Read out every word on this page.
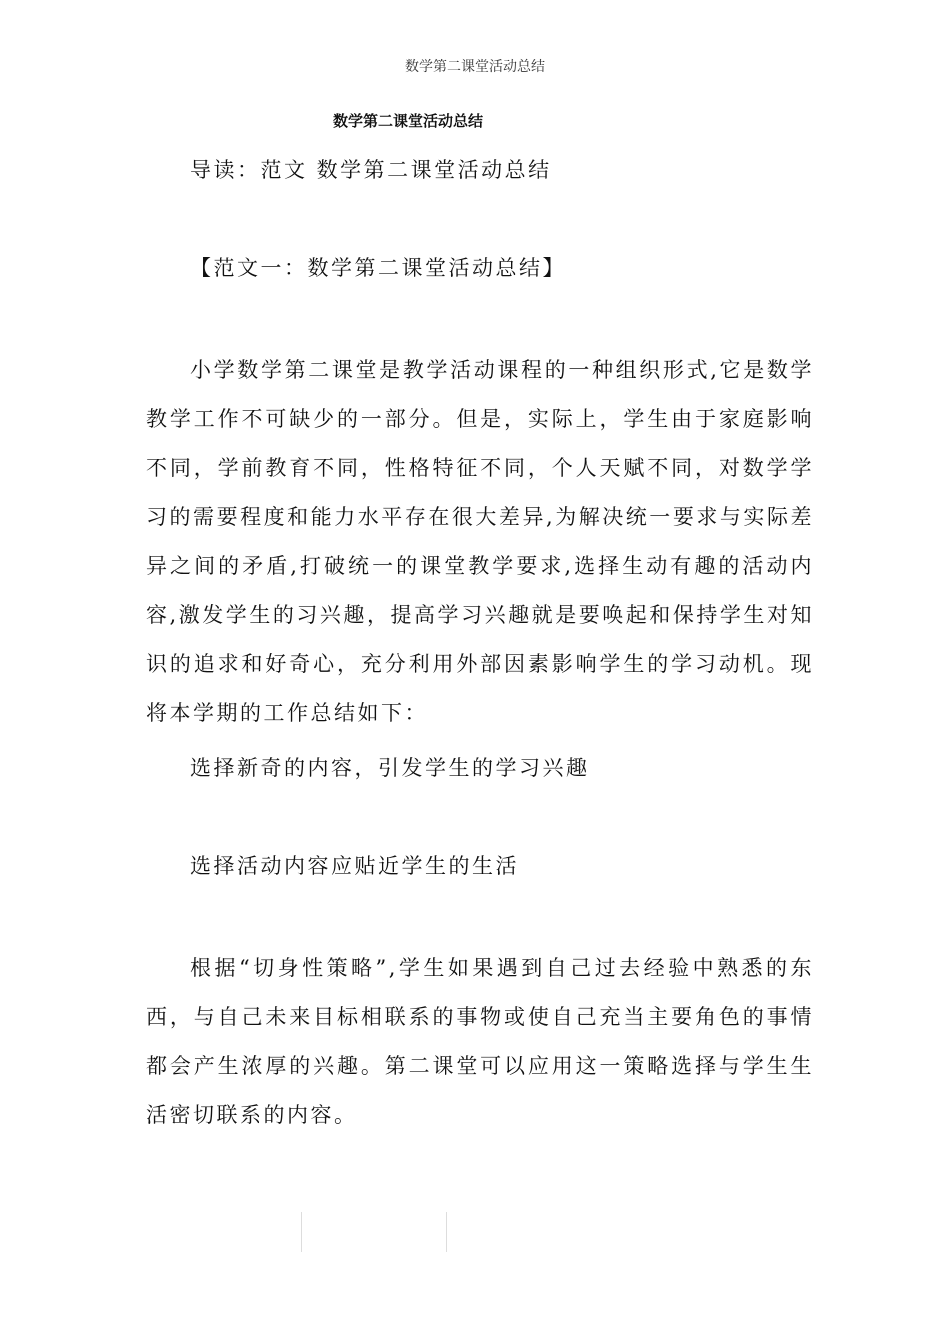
数学第二课堂活动总结
数学第二课堂活动总结

导读：范文 数学第二课堂活动总结

【范文一：数学第二课堂活动总结】

小学数学第二课堂是教学活动课程的一种组织形式,它是数学教学工作不可缺少的一部分。但是，实际上，学生由于家庭影响不同，学前教育不同，性格特征不同，个人天赋不同，对数学学习的需要程度和能力水平存在很大差异,为解决统一要求与实际差异之间的矛盾,打破统一的课堂教学要求,选择生动有趣的活动内容,激发学生的习兴趣，提高学习兴趣就是要唤起和保持学生对知识的追求和好奇心，充分利用外部因素影响学生的学习动机。现将本学期的工作总结如下：

选择新奇的内容，引发学生的学习兴趣

选择活动内容应贴近学生的生活

根据“切身性策略”,学生如果遇到自己过去经验中熟悉的东西，与自己未来目标相联系的事物或使自己充当主要角色的事情都会产生浓厚的兴趣。第二课堂可以应用这一策略选择与学生生活密切联系的内容。
